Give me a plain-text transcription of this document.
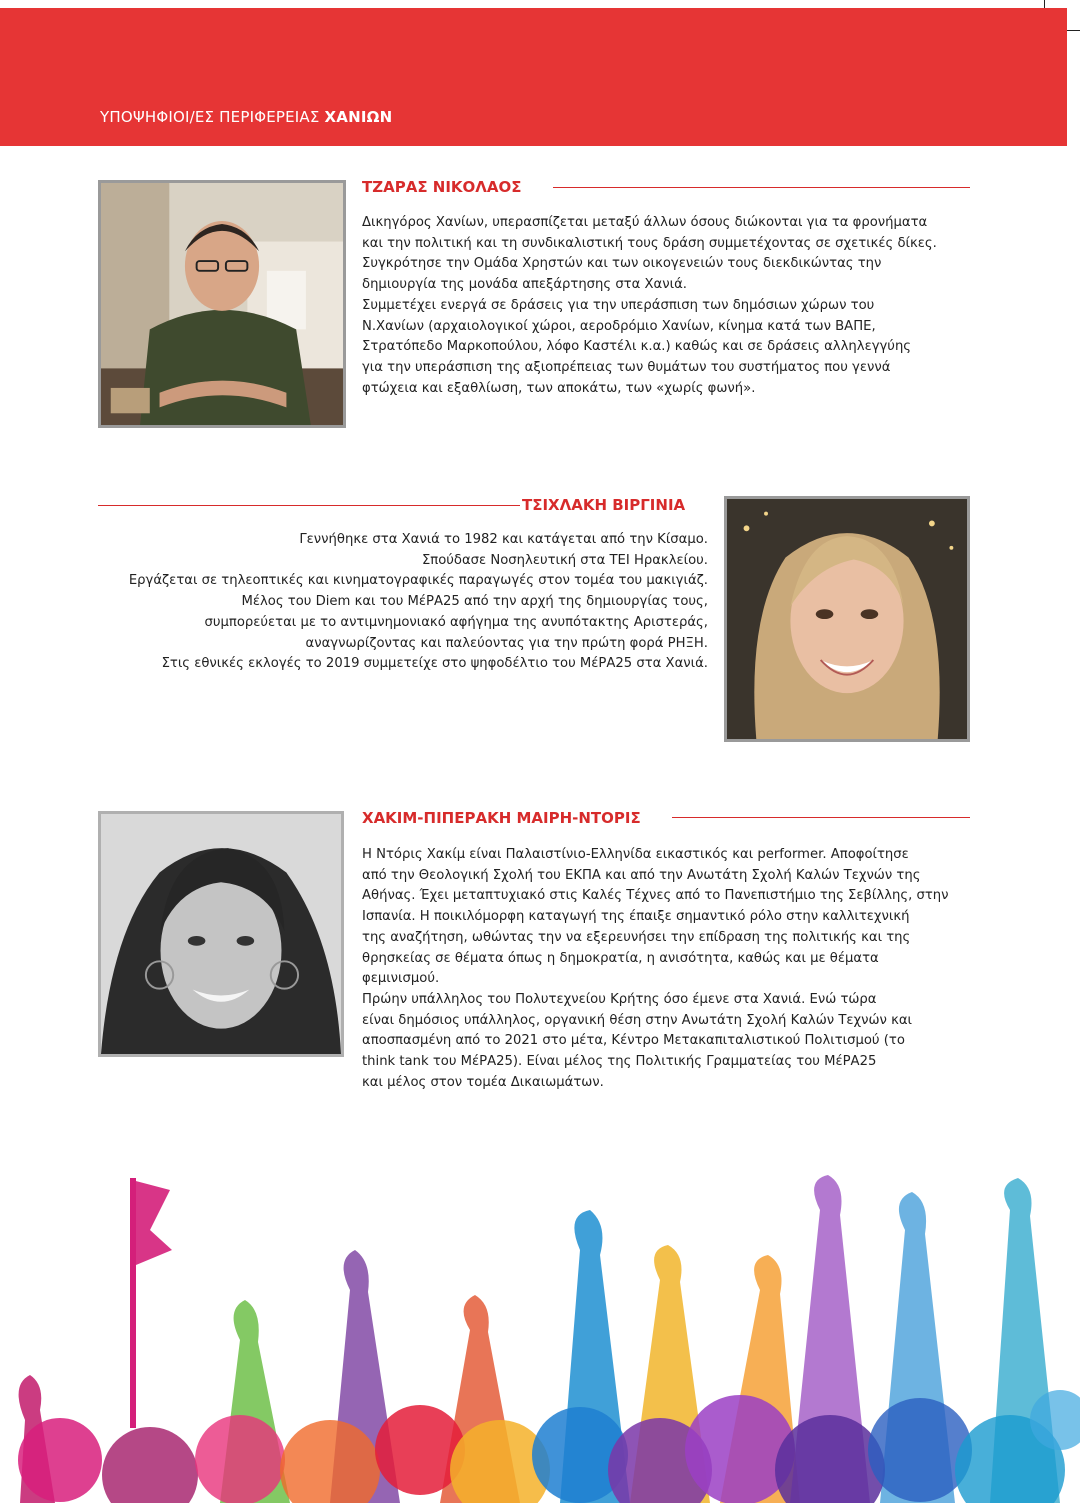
ΥΠΟΨΗΦΙΟΙ/ΕΣ ΠΕΡΙΦΕΡΕΙΑΣ ΧΑΝΙΩΝ
ΤΖΑΡΑΣ ΝΙΚΟΛΑΟΣ
Δικηγόρος Χανίων, υπερασπίζεται μεταξύ άλλων όσους διώκονται για τα φρονήματα
και την πολιτική και τη συνδικαλιστική τους δράση συμμετέχοντας σε σχετικές δίκες.
Συγκρότησε την Ομάδα Χρηστών και των οικογενειών τους διεκδικώντας την
δημιουργία της μονάδα απεξάρτησης στα Χανιά.
Συμμετέχει ενεργά σε δράσεις για την υπεράσπιση των δημόσιων χώρων του
Ν.Χανίων (αρχαιολογικοί χώροι, αεροδρόμιο Χανίων, κίνημα κατά των ΒΑΠΕ,
Στρατόπεδο Μαρκοπούλου, λόφο Καστέλι κ.α.) καθώς και σε δράσεις αλληλεγγύης
για την υπεράσπιση της αξιοπρέπειας των θυμάτων του συστήματος που γεννά
φτώχεια και εξαθλίωση, των αποκάτω, των «χωρίς φωνή».
ΤΣΙΧΛΑΚΗ ΒΙΡΓΙΝΙΑ
Γεννήθηκε στα Χανιά το 1982 και κατάγεται από την Κίσαμο.
Σπούδασε Νοσηλευτική στα ΤΕΙ Ηρακλείου.
Εργάζεται σε τηλεοπτικές και κινηματογραφικές παραγωγές στον τομέα του μακιγιάζ.
Μέλος του Diem και του ΜέΡΑ25 από την αρχή της δημιουργίας τους,
συμπορεύεται με το αντιμνημονιακό αφήγημα της ανυπότακτης Αριστεράς,
αναγνωρίζοντας και παλεύοντας για την πρώτη φορά ΡΗΞΗ.
Στις εθνικές εκλογές το 2019 συμμετείχε στο ψηφοδέλτιο του ΜέΡΑ25 στα Χανιά.
ΧΑΚΙΜ-ΠΙΠΕΡΑΚΗ ΜΑΙΡΗ-ΝΤΟΡΙΣ
Η Ντόρις Χακίμ είναι Παλαιστίνιο-Ελληνίδα εικαστικός και performer. Αποφοίτησε
από την Θεολογική Σχολή του ΕΚΠΑ και από την Ανωτάτη Σχολή Καλών Τεχνών της
Αθήνας. Έχει μεταπτυχιακό στις Καλές Τέχνες από το Πανεπιστήμιο της Σεβίλλης, στην
Ισπανία. Η ποικιλόμορφη καταγωγή της έπαιξε σημαντικό ρόλο στην καλλιτεχνική
της αναζήτηση, ωθώντας την να εξερευνήσει την επίδραση της πολιτικής και της
θρησκείας σε θέματα όπως η δημοκρατία, η ανισότητα, καθώς και με θέματα
φεμινισμού.
Πρώην υπάλληλος του Πολυτεχνείου Κρήτης όσο έμενε στα Χανιά. Ενώ τώρα
είναι δημόσιος υπάλληλος, οργανική θέση στην Ανωτάτη Σχολή Καλών Τεχνών και
αποσπασμένη από το 2021 στο μέτα, Κέντρο Μετακαπιταλιστικού Πολιτισμού (το
think tank του ΜέΡΑ25). Είναι μέλος της Πολιτικής Γραμματείας του ΜέΡΑ25
και μέλος στον τομέα Δικαιωμάτων.
